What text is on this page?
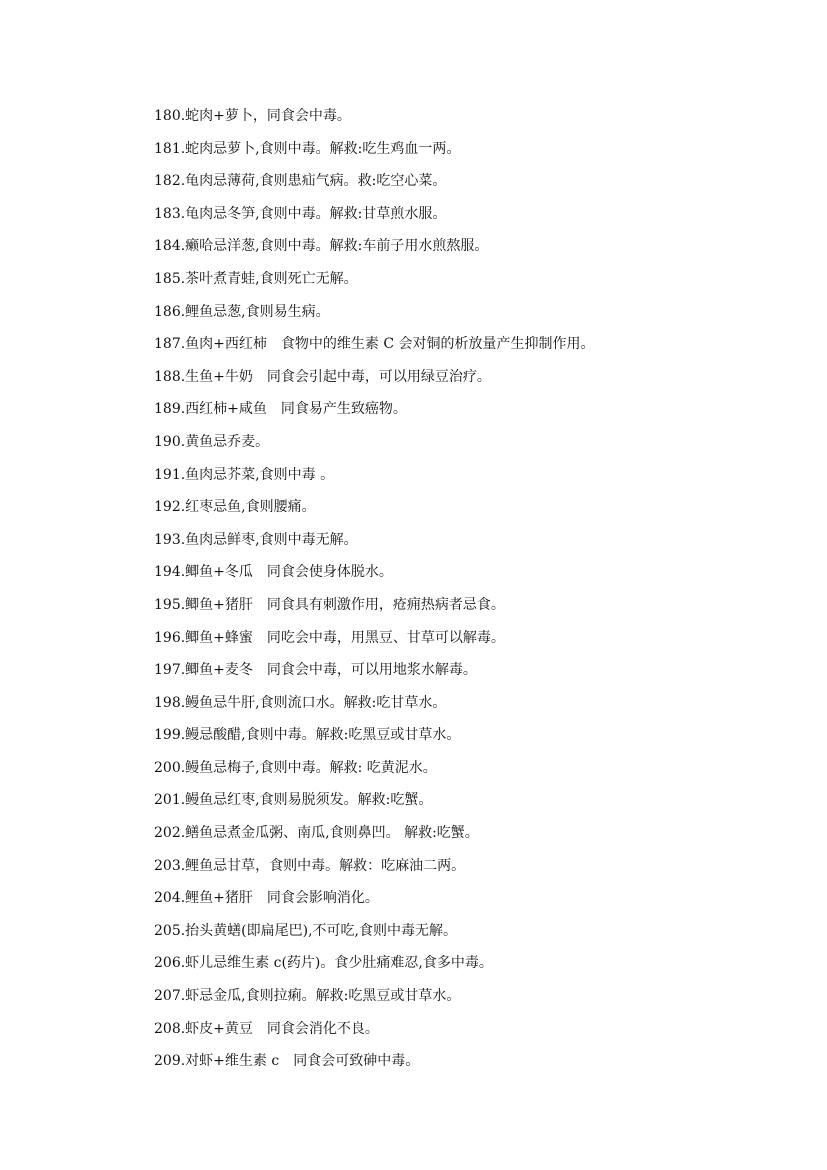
180.蛇肉+萝卜，同食会中毒。
181.蛇肉忌萝卜,食则中毒。解救:吃生鸡血一两。
182.龟肉忌薄荷,食则患疝气病。救:吃空心菜。
183.龟肉忌冬笋,食则中毒。解救:甘草煎水服。
184.癞哈忌洋葱,食则中毒。解救:车前子用水煎熬服。
185.茶叶煮青蛙,食则死亡无解。
186.鲤鱼忌葱,食则易生病。
187.鱼肉+西红柿　食物中的维生素 C 会对铜的析放量产生抑制作用。
188.生鱼+牛奶　同食会引起中毒，可以用绿豆治疗。
189.西红柿+咸鱼　同食易产生致癌物。
190.黄鱼忌乔麦。
191.鱼肉忌芥菜,食则中毒 。
192.红枣忌鱼,食则腰痛。
193.鱼肉忌鲜枣,食则中毒无解。
194.鲫鱼+冬瓜　同食会使身体脱水。
195.鲫鱼+猪肝　同食具有刺激作用，疮痈热病者忌食。
196.鲫鱼+蜂蜜　同吃会中毒，用黑豆、甘草可以解毒。
197.鲫鱼+麦冬　同食会中毒，可以用地浆水解毒。
198.鳗鱼忌牛肝,食则流口水。解救:吃甘草水。
199.鳗忌酸醋,食则中毒。解救:吃黑豆或甘草水。
200.鳗鱼忌梅子,食则中毒。解救: 吃黄泥水。
201.鳗鱼忌红枣,食则易脱须发。解救:吃蟹。
202.鳝鱼忌煮金瓜粥、南瓜,食则鼻凹。 解救:吃蟹。
203.鲤鱼忌甘草，食则中毒。解救：吃麻油二两。
204.鲤鱼+猪肝　同食会影响消化。
205.抬头黄蟮(即扁尾巴),不可吃,食则中毒无解。
206.虾儿忌维生素 c(药片)。食少肚痛难忍,食多中毒。
207.虾忌金瓜,食则拉痢。解救:吃黑豆或甘草水。
208.虾皮+黄豆　同食会消化不良。
209.对虾+维生素 c　同食会可致砷中毒。
